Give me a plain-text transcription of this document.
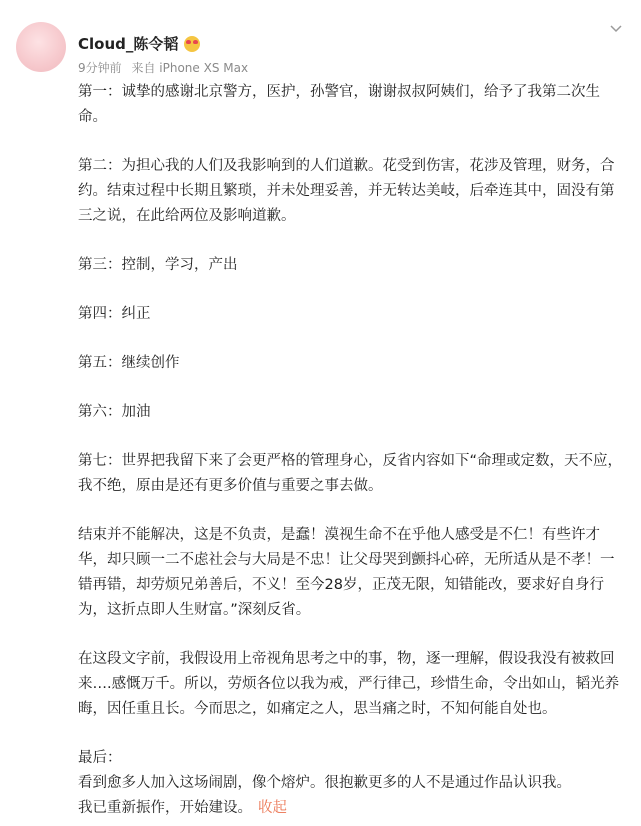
Cloud_陈令韬
9分钟前 来自 iPhone XS Max

第一：诚挚的感谢北京警方，医护，孙警官，谢谢叔叔阿姨们，给予了我第二次生命。

第二：为担心我的人们及我影响到的人们道歉。花受到伤害，花涉及管理，财务，合约。结束过程中长期且繁琐，并未处理妥善，并无转达美岐，后牵连其中，固没有第三之说，在此给两位及影响道歉。

第三：控制，学习，产出

第四：纠正

第五：继续创作

第六：加油

第七：世界把我留下来了会更严格的管理身心，反省内容如下“命理或定数，天不应，我不绝，原由是还有更多价值与重要之事去做。

结束并不能解决，这是不负责，是蠢！漠视生命不在乎他人感受是不仁！有些许才华，却只顾一二不虑社会与大局是不忠！让父母哭到颤抖心碎，无所适从是不孝！一错再错，却劳烦兄弟善后，不义！至今28岁，正茂无限，知错能改，要求好自身行为，这折点即人生财富。”深刻反省。

在这段文字前，我假设用上帝视角思考之中的事，物，逐一理解，假设我没有被救回来….感慨万千。所以，劳烦各位以我为戒，严行律己，珍惜生命，令出如山，韬光养晦，因任重且长。今而思之，如痛定之人，思当痛之时，不知何能自处也。

最后：

看到愈多人加入这场闹剧，像个熔炉。很抱歉更多的人不是通过作品认识我。

我已重新振作，开始建设。 收起
